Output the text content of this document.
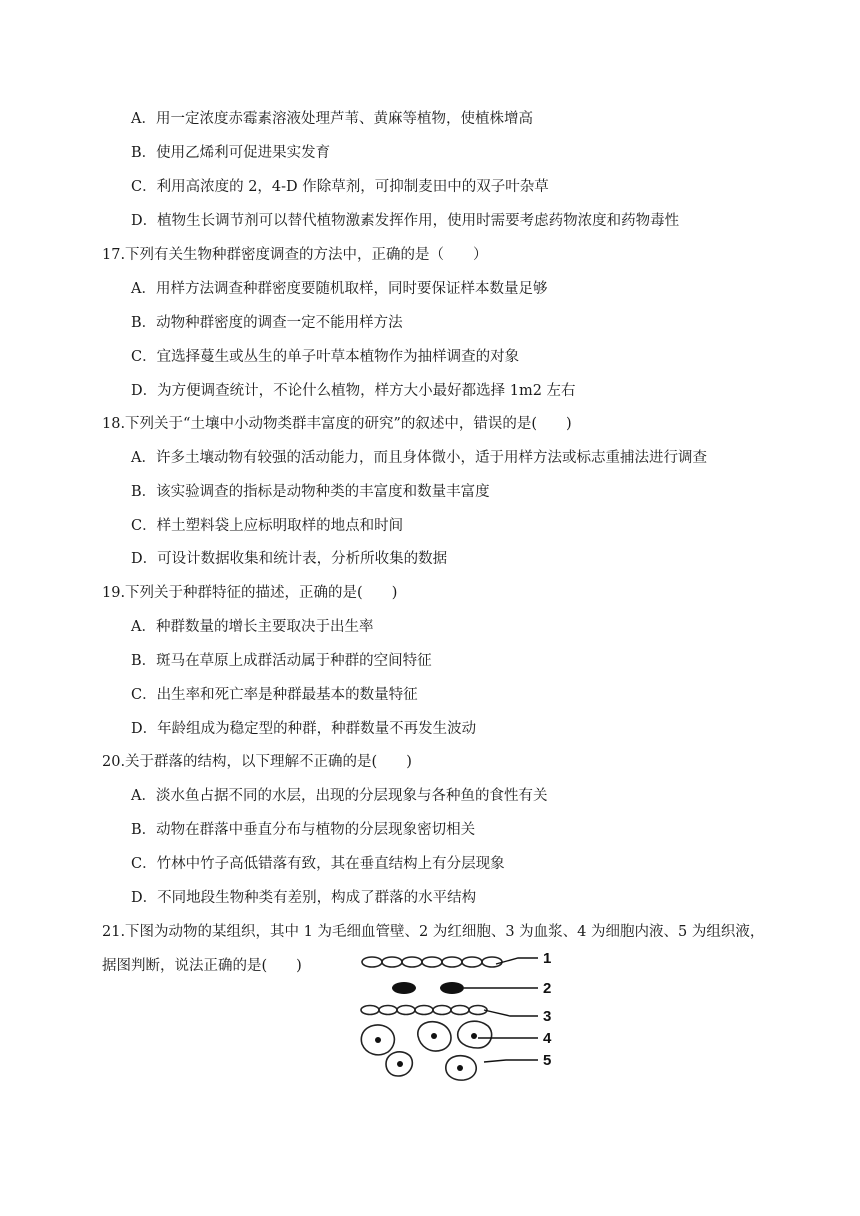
A．用一定浓度赤霉素溶液处理芦苇、黄麻等植物，使植株增高
B．使用乙烯利可促进果实发育
C．利用高浓度的 2，4-D 作除草剂，可抑制麦田中的双子叶杂草
D．植物生长调节剂可以替代植物激素发挥作用，使用时需要考虑药物浓度和药物毒性
17.下列有关生物种群密度调查的方法中，正确的是（　　）
A．用样方法调查种群密度要随机取样，同时要保证样本数量足够
B．动物种群密度的调查一定不能用样方法
C．宜选择蔓生或丛生的单子叶草本植物作为抽样调查的对象
D．为方便调查统计，不论什么植物，样方大小最好都选择 1m2 左右
18.下列关于“土壤中小动物类群丰富度的研究”的叙述中，错误的是(　　)
A．许多土壤动物有较强的活动能力，而且身体微小，适于用样方法或标志重捕法进行调查
B．该实验调查的指标是动物种类的丰富度和数量丰富度
C．样土塑料袋上应标明取样的地点和时间
D．可设计数据收集和统计表，分析所收集的数据
19.下列关于种群特征的描述，正确的是(　　)
A．种群数量的增长主要取决于出生率
B．斑马在草原上成群活动属于种群的空间特征
C．出生率和死亡率是种群最基本的数量特征
D．年龄组成为稳定型的种群，种群数量不再发生波动
20.关于群落的结构，以下理解不正确的是(　　)
A．淡水鱼占据不同的水层，出现的分层现象与各种鱼的食性有关
B．动物在群落中垂直分布与植物的分层现象密切相关
C．竹林中竹子高低错落有致，其在垂直结构上有分层现象
D．不同地段生物种类有差别，构成了群落的水平结构
21.下图为动物的某组织，其中 1 为毛细血管壁、2 为红细胞、3 为血浆、4 为细胞内液、5 为组织液，
据图判断，说法正确的是(　　)	1
2
3
4
5
